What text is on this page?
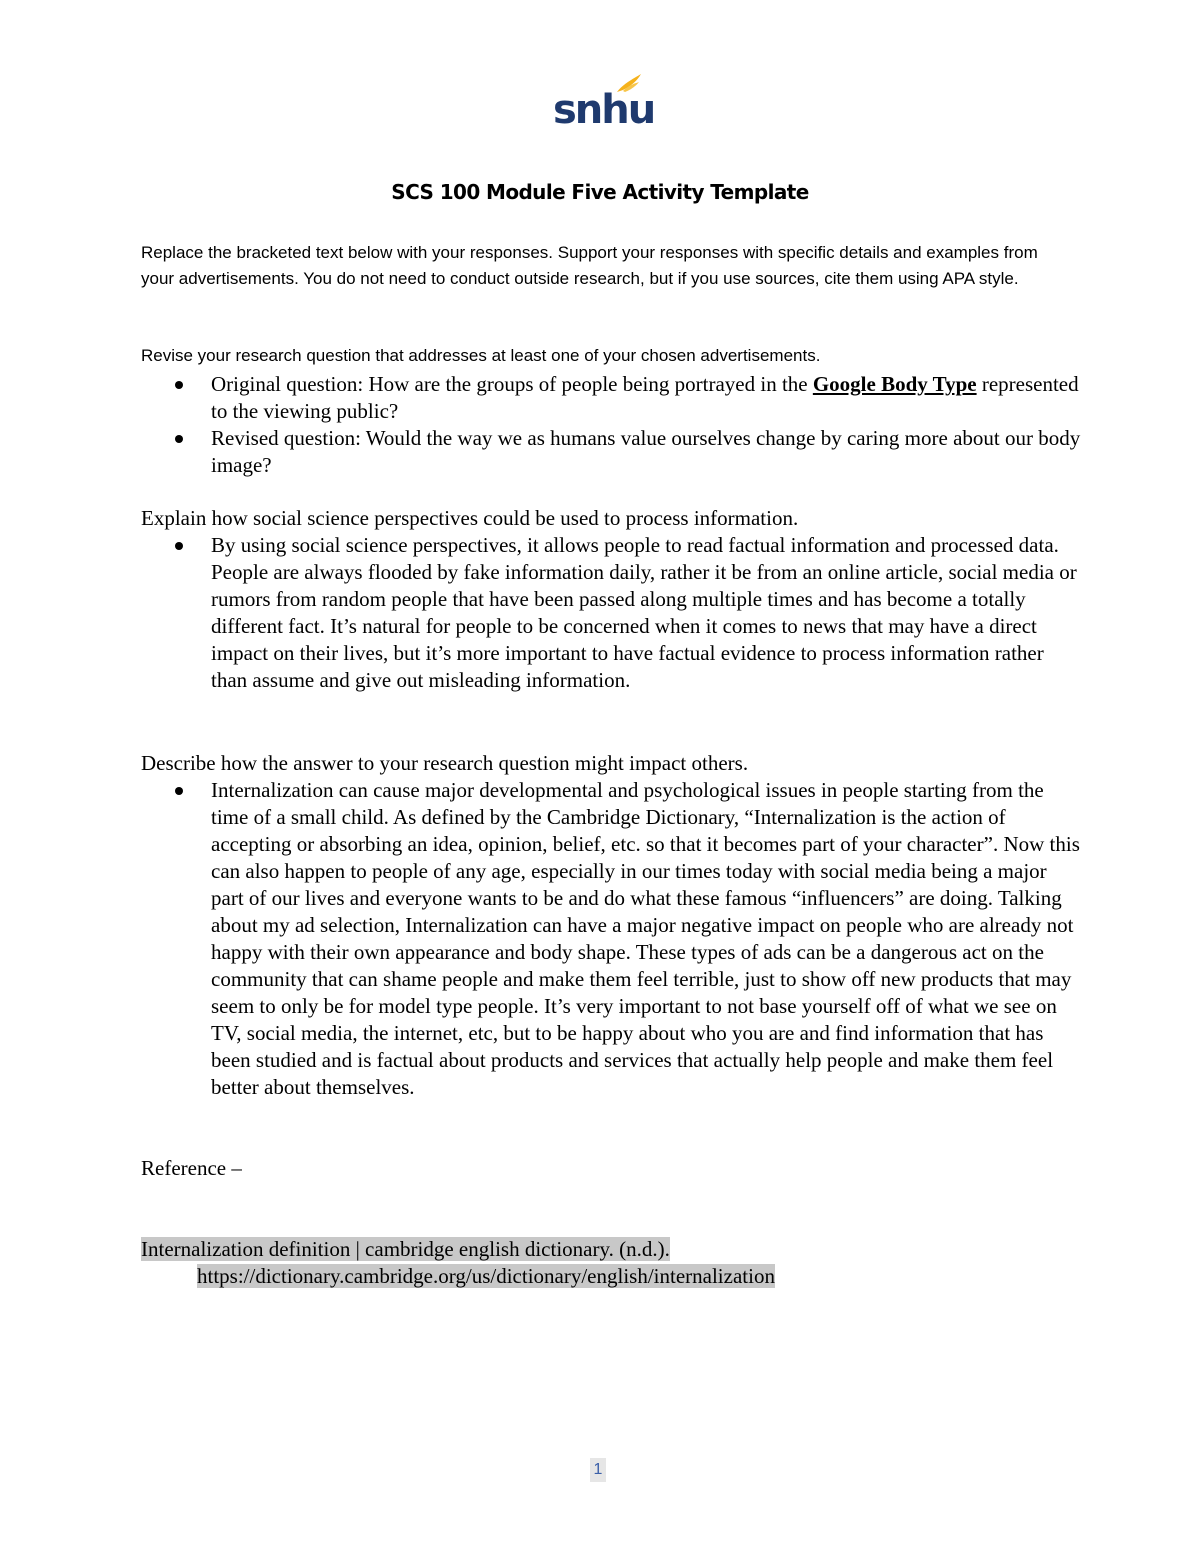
snhu
SCS 100 Module Five Activity Template
Replace the bracketed text below with your responses. Support your responses with specific details and examples from your advertisements. You do not need to conduct outside research, but if you use sources, cite them using APA style.
Revise your research question that addresses at least one of your chosen advertisements.
Original question: How are the groups of people being portrayed in the Google Body Type represented to the viewing public?
Revised question: Would the way we as humans value ourselves change by caring more about our body image?
Explain how social science perspectives could be used to process information.
By using social science perspectives, it allows people to read factual information and processed data. People are always flooded by fake information daily, rather it be from an online article, social media or rumors from random people that have been passed along multiple times and has become a totally different fact. It’s natural for people to be concerned when it comes to news that may have a direct impact on their lives, but it’s more important to have factual evidence to process information rather than assume and give out misleading information.
Describe how the answer to your research question might impact others.
Internalization can cause major developmental and psychological issues in people starting from the time of a small child. As defined by the Cambridge Dictionary, “Internalization is the action of accepting or absorbing an idea, opinion, belief, etc. so that it becomes part of your character”. Now this can also happen to people of any age, especially in our times today with social media being a major part of our lives and everyone wants to be and do what these famous “influencers” are doing. Talking about my ad selection, Internalization can have a major negative impact on people who are already not happy with their own appearance and body shape. These types of ads can be a dangerous act on the community that can shame people and make them feel terrible, just to show off new products that may seem to only be for model type people. It’s very important to not base yourself off of what we see on TV, social media, the internet, etc, but to be happy about who you are and find information that has been studied and is factual about products and services that actually help people and make them feel better about themselves.
Reference –
Internalization definition | cambridge english dictionary. (n.d.).
https://dictionary.cambridge.org/us/dictionary/english/internalization
1
